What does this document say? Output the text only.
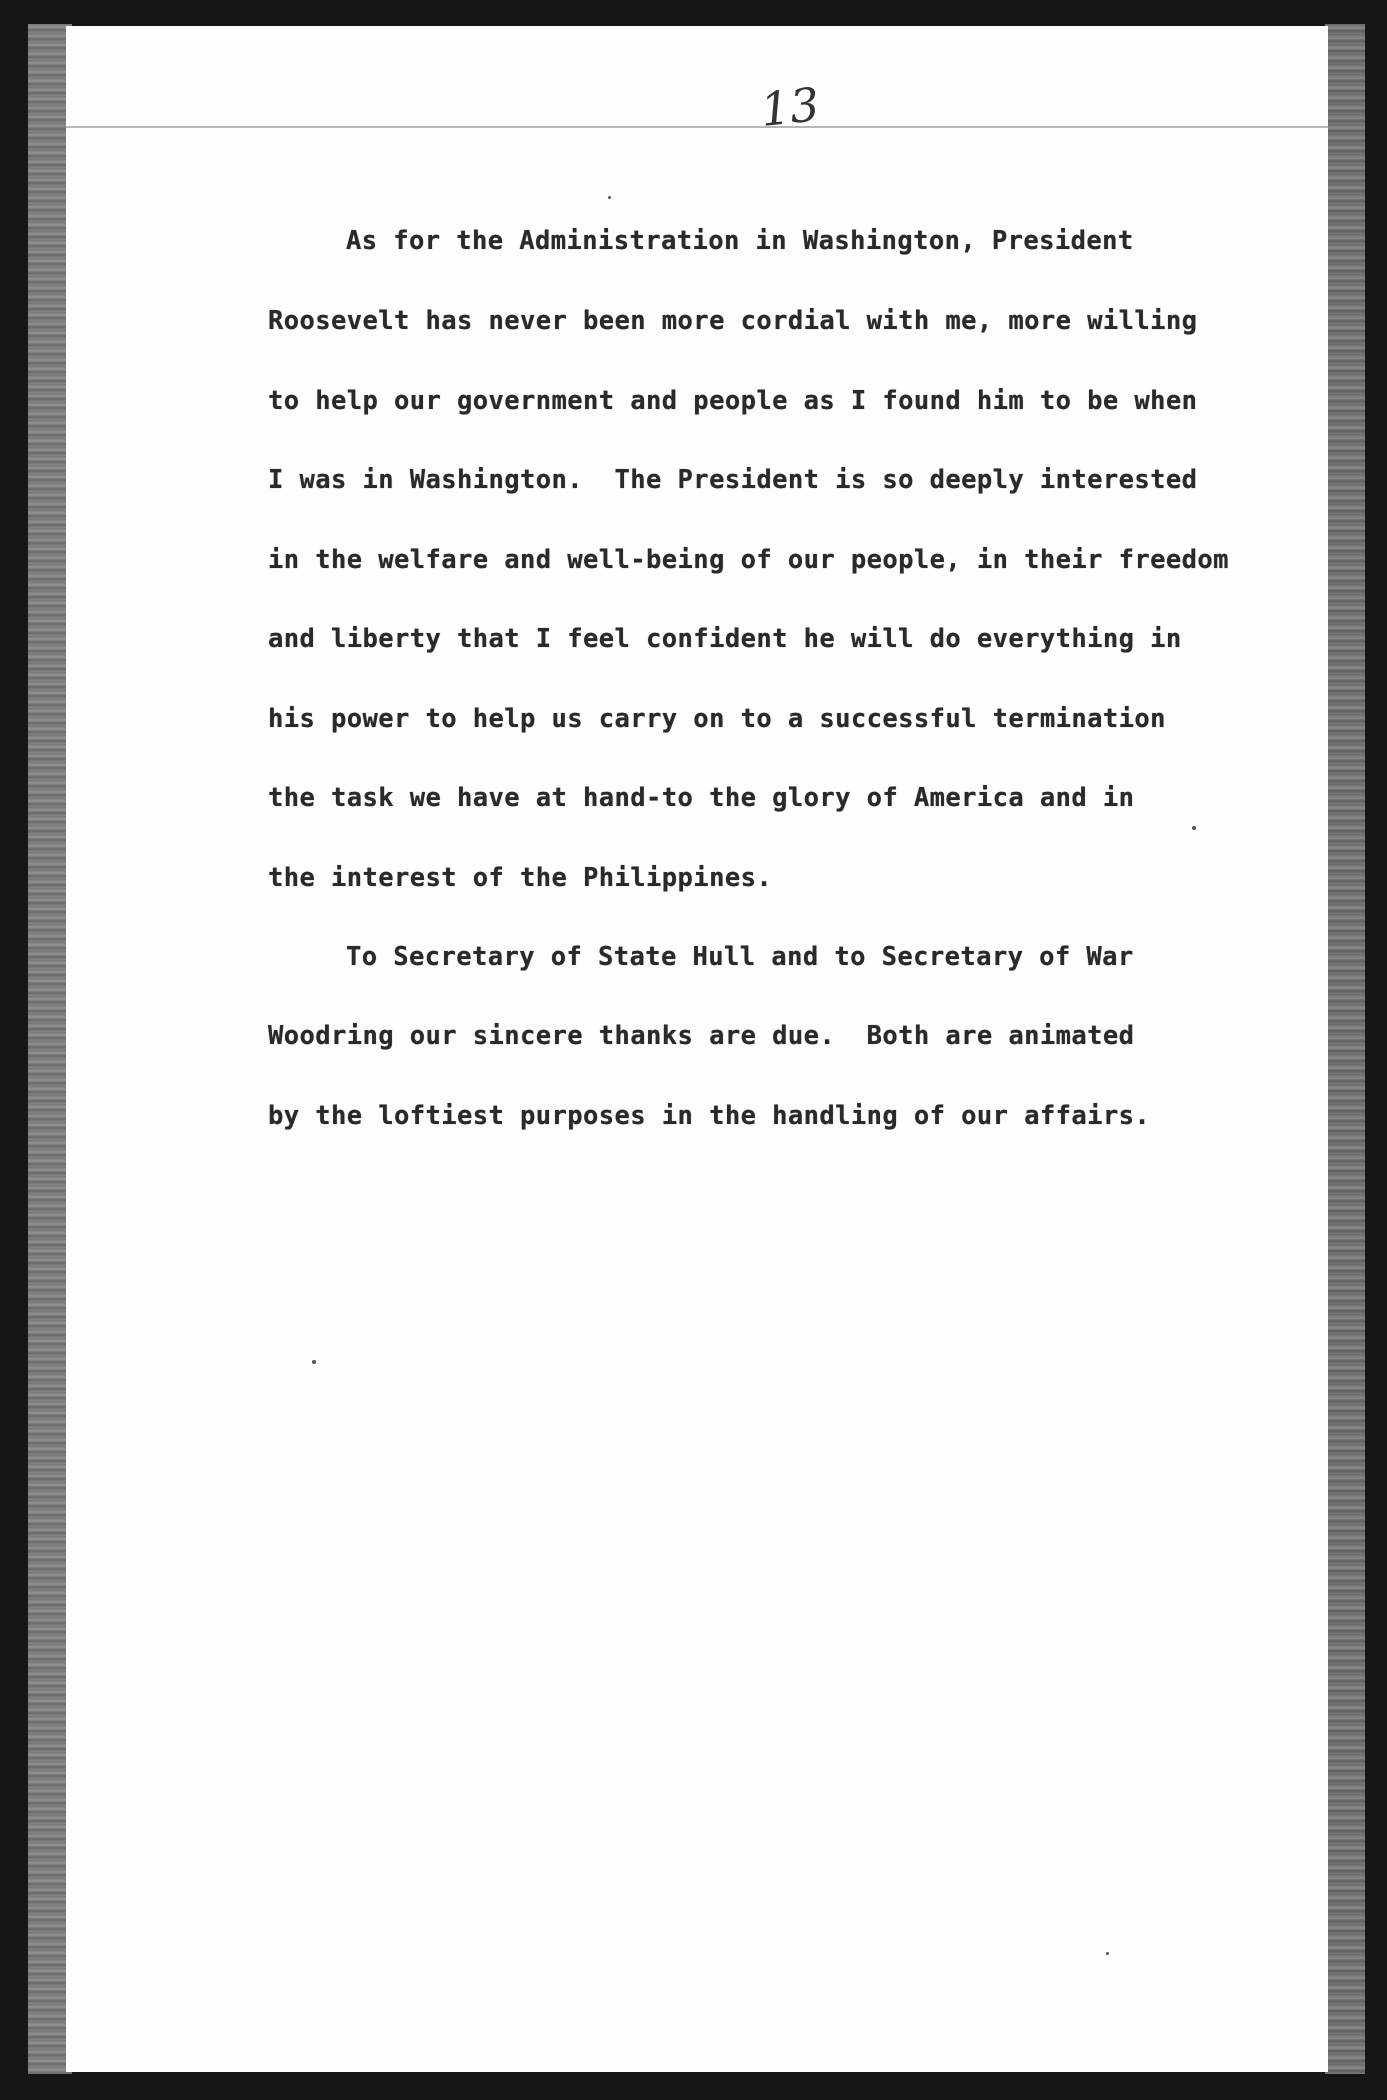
13
As for the Administration in Washington, President
Roosevelt has never been more cordial with me, more willing
to help our government and people as I found him to be when
I was in Washington.  The President is so deeply interested
in the welfare and well-being of our people, in their freedom
and liberty that I feel confident he will do everything in
his power to help us carry on to a successful termination
the task we have at hand-to the glory of America and in
the interest of the Philippines.
To Secretary of State Hull and to Secretary of War
Woodring our sincere thanks are due.  Both are animated
by the loftiest purposes in the handling of our affairs.
